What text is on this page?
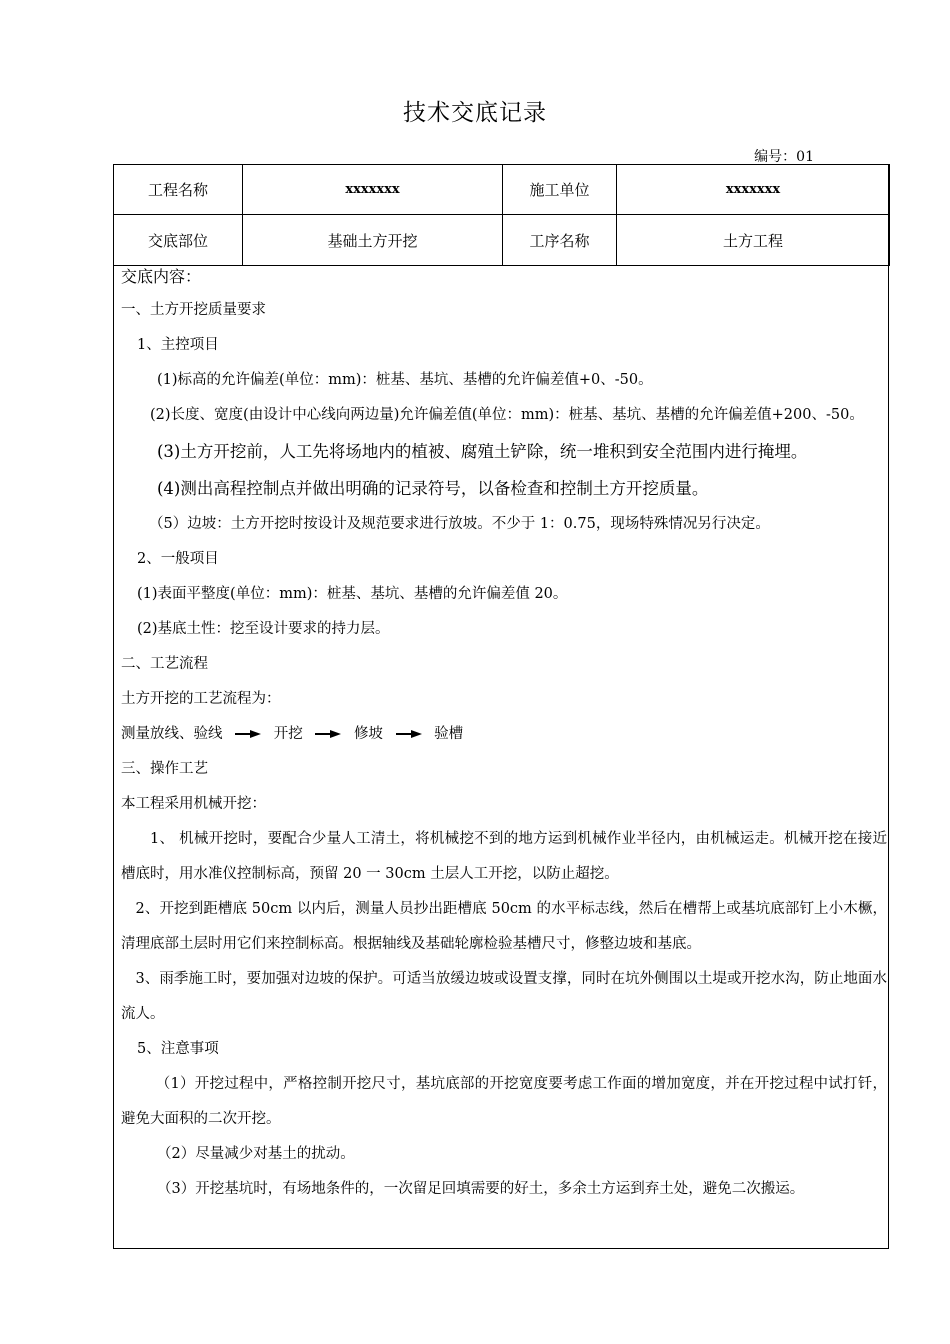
技术交底记录
编号：01
工程名称	xxxxxxx	施工单位	xxxxxxx
交底部位	基础土方开挖	工序名称	土方工程
交底内容：
一、土方开挖质量要求
1、主控项目
(1)标高的允许偏差(单位：mm)：桩基、基坑、基槽的允许偏差值+0、-50。
(2)长度、宽度(由设计中心线向两边量)允许偏差值(单位：mm)：桩基、基坑、基槽的允许偏差值+200、-50。
(3)土方开挖前，人工先将场地内的植被、腐殖土铲除，统一堆积到安全范围内进行掩埋。
(4)测出高程控制点并做出明确的记录符号，以备检查和控制土方开挖质量。
（5）边坡：土方开挖时按设计及规范要求进行放坡。不少于 1：0.75，现场特殊情况另行决定。
2、一般项目
(1)表面平整度(单位：mm)：桩基、基坑、基槽的允许偏差值 20。
(2)基底土性：挖至设计要求的持力层。
二、工艺流程
土方开挖的工艺流程为：
测量放线、验线	开挖	修坡	验槽
三、操作工艺
本工程采用机械开挖：
1、 机械开挖时，要配合少量人工清土，将机械挖不到的地方运到机械作业半径内，由机械运走。机械开挖在接近槽底时，用水准仪控制标高，预留 20 一 30cm 土层人工开挖，以防止超挖。
2、开挖到距槽底 50cm 以内后，测量人员抄出距槽底 50cm 的水平标志线，然后在槽帮上或基坑底部钉上小木橛，清理底部土层时用它们来控制标高。根据轴线及基础轮廓检验基槽尺寸，修整边坡和基底。
3、雨季施工时，要加强对边坡的保护。可适当放缓边坡或设置支撑，同时在坑外侧围以土堤或开挖水沟，防止地面水流人。
5、注意事项
（1）开挖过程中，严格控制开挖尺寸，基坑底部的开挖宽度要考虑工作面的增加宽度，并在开挖过程中试打钎，避免大面积的二次开挖。
（2）尽量减少对基土的扰动。
（3）开挖基坑时，有场地条件的，一次留足回填需要的好土，多余土方运到弃土处，避免二次搬运。
